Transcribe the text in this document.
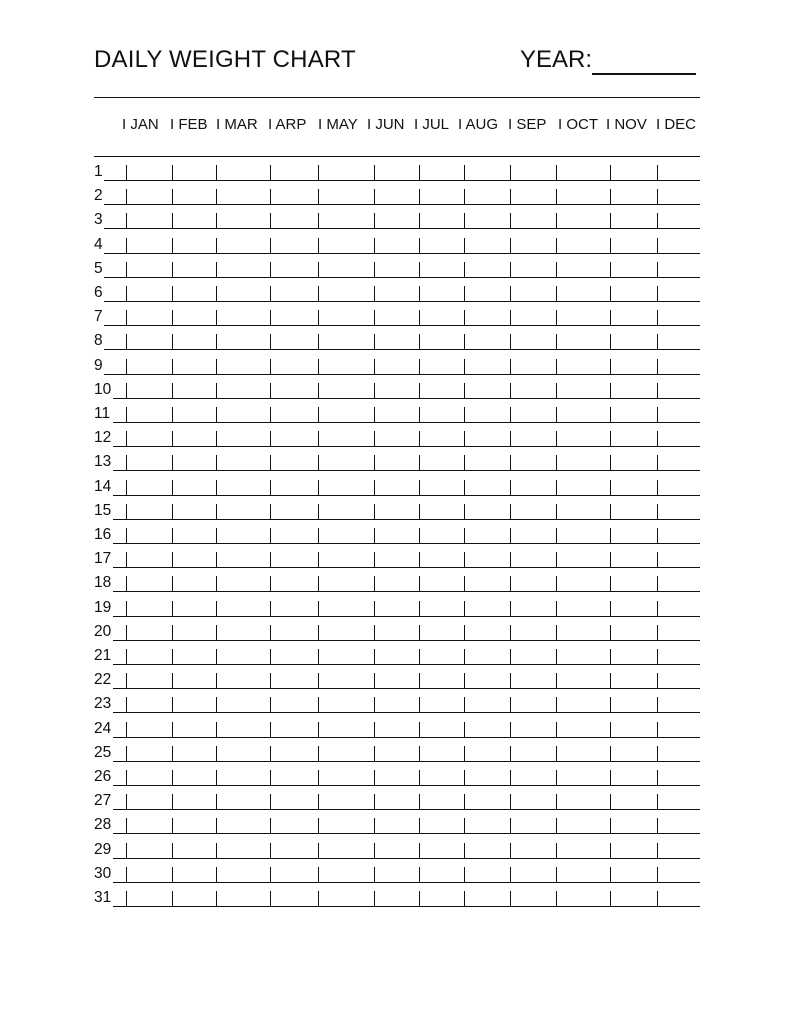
DAILY WEIGHT CHART	YEAR:
I JAN I FEB I MAR I ARP I MAY I JUN I JUL I AUG I SEP I OCT I NOV I DEC
1
2
3
4
5
6
7
8
9
10
11
12
13
14
15
16
17
18
19
20
21
22
23
24
25
26
27
28
29
30
31
